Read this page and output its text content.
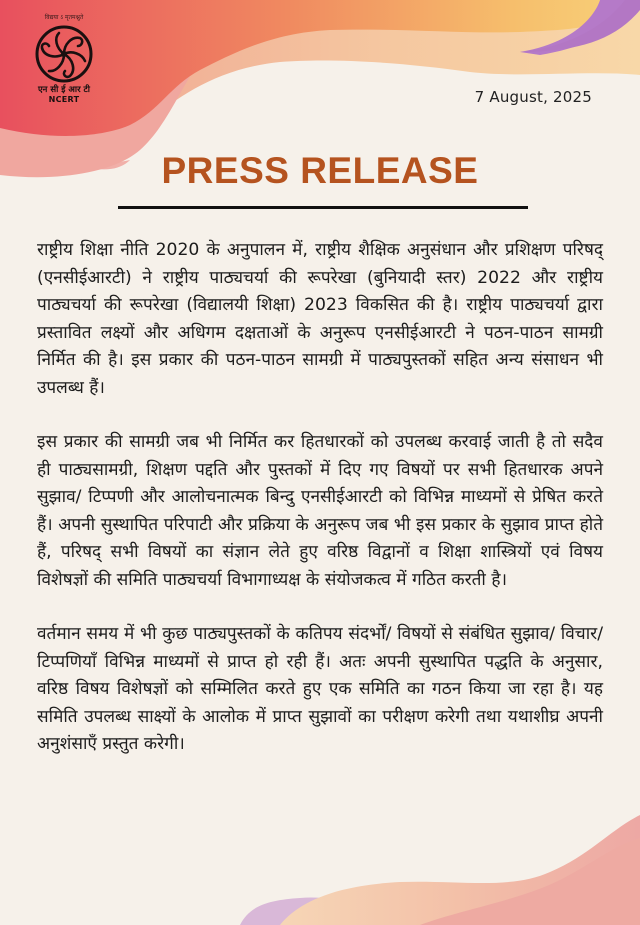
विद्यया ऽ मृतमश्नुते
एन सी ई आर टी
NCERT	7 August, 2025
PRESS RELEASE

राष्ट्रीय शिक्षा नीति 2020 के अनुपालन में, राष्ट्रीय शैक्षिक अनुसंधान और प्रशिक्षण परिषद् (एनसीईआरटी) ने राष्ट्रीय पाठ्यचर्या की रूपरेखा (बुनियादी स्तर) 2022 और राष्ट्रीय पाठ्यचर्या की रूपरेखा (विद्यालयी शिक्षा) 2023 विकसित की है। राष्ट्रीय पाठ्यचर्या द्वारा प्रस्तावित लक्ष्यों और अधिगम दक्षताओं के अनुरूप एनसीईआरटी ने पठन-पाठन सामग्री निर्मित की है। इस प्रकार की पठन-पाठन सामग्री में पाठ्यपुस्तकों सहित अन्य संसाधन भी उपलब्ध हैं।

इस प्रकार की सामग्री जब भी निर्मित कर हितधारकों को उपलब्ध करवाई जाती है तो सदैव ही पाठ्यसामग्री, शिक्षण पद्दति और पुस्तकों में दिए गए विषयों पर सभी हितधारक अपने सुझाव/ टिप्पणी और आलोचनात्मक बिन्दु एनसीईआरटी को विभिन्न माध्यमों से प्रेषित करते हैं। अपनी सुस्थापित परिपाटी और प्रक्रिया के अनुरूप जब भी इस प्रकार के सुझाव प्राप्त होते हैं, परिषद् सभी विषयों का संज्ञान लेते हुए वरिष्ठ विद्वानों व शिक्षा शास्त्रियों एवं विषय विशेषज्ञों की समिति पाठ्यचर्या विभागाध्यक्ष के संयोजकत्व में गठित करती है।

वर्तमान समय में भी कुछ पाठ्यपुस्तकों के कतिपय संदर्भों/ विषयों से संबंधित सुझाव/ विचार/ टिप्पणियाँ विभिन्न माध्यमों से प्राप्त हो रही हैं। अतः अपनी सुस्थापित पद्धति के अनुसार, वरिष्ठ विषय विशेषज्ञों को सम्मिलित करते हुए एक समिति का गठन किया जा रहा है। यह समिति उपलब्ध साक्ष्यों के आलोक में प्राप्त सुझावों का परीक्षण करेगी तथा यथाशीघ्र अपनी अनुशंसाएँ प्रस्तुत करेगी।
